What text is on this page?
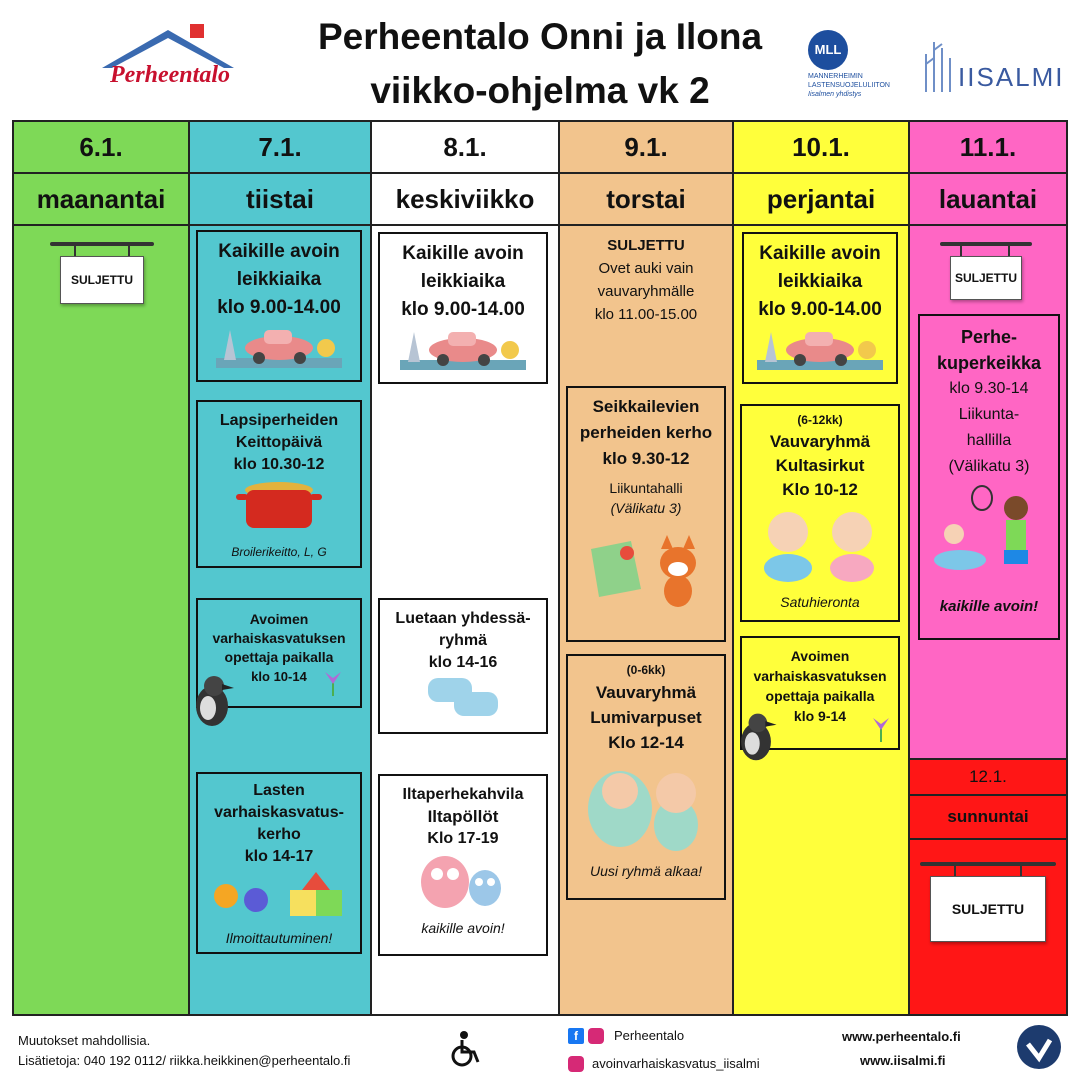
Perheentalo
Perheentalo Onni ja Ilona
viikko-ohjelma vk 2
MLL
MANNERHEIMIN
LASTENSUOJELULIITON
Iisalmen yhdistys
IISALMI
6.1.
maanantai
SULJETTU
7.1.
tiistai
Kaikille avoin
leikkiaika
klo 9.00-14.00
Lapsiperheiden
Keittopäivä
klo 10.30-12
Broilerikeitto, L, G
Avoimen
varhaiskasvatuksen
opettaja paikalla
klo 10-14
Lasten
varhaiskasvatus-
kerho
klo 14-17
Ilmoittautuminen!
8.1.
keskiviikko
Kaikille avoin
leikkiaika
klo 9.00-14.00
Luetaan yhdessä-
ryhmä
klo 14-16
Iltaperhekahvila
Iltapöllöt
Klo 17-19
kaikille avoin!
9.1.
torstai
SULJETTU
Ovet auki vain
vauvaryhmälle
klo 11.00-15.00
Seikkailevien
perheiden kerho
klo 9.30-12
Liikuntahalli
(Välikatu 3)
(0-6kk)
Vauvaryhmä
Lumivarpuset
Klo 12-14
Uusi ryhmä alkaa!
10.1.
perjantai
Kaikille avoin
leikkiaika
klo 9.00-14.00
(6-12kk)
Vauvaryhmä
Kultasirkut
Klo 10-12
Satuhieronta
Avoimen
varhaiskasvatuksen
opettaja paikalla
klo 9-14
11.1.
lauantai
SULJETTU
Perhe-
kuperkeikka
klo 9.30-14
Liikunta-
hallilla
(Välikatu 3)
kaikille avoin!
12.1.
sunnuntai
SULJETTU
Muutokset mahdollisia.
Lisätietoja: 040 192 0112/ riikka.heikkinen@perheentalo.fi
f	Perheentalo
avoinvarhaiskasvatus_iisalmi
www.perheentalo.fi
www.iisalmi.fi
